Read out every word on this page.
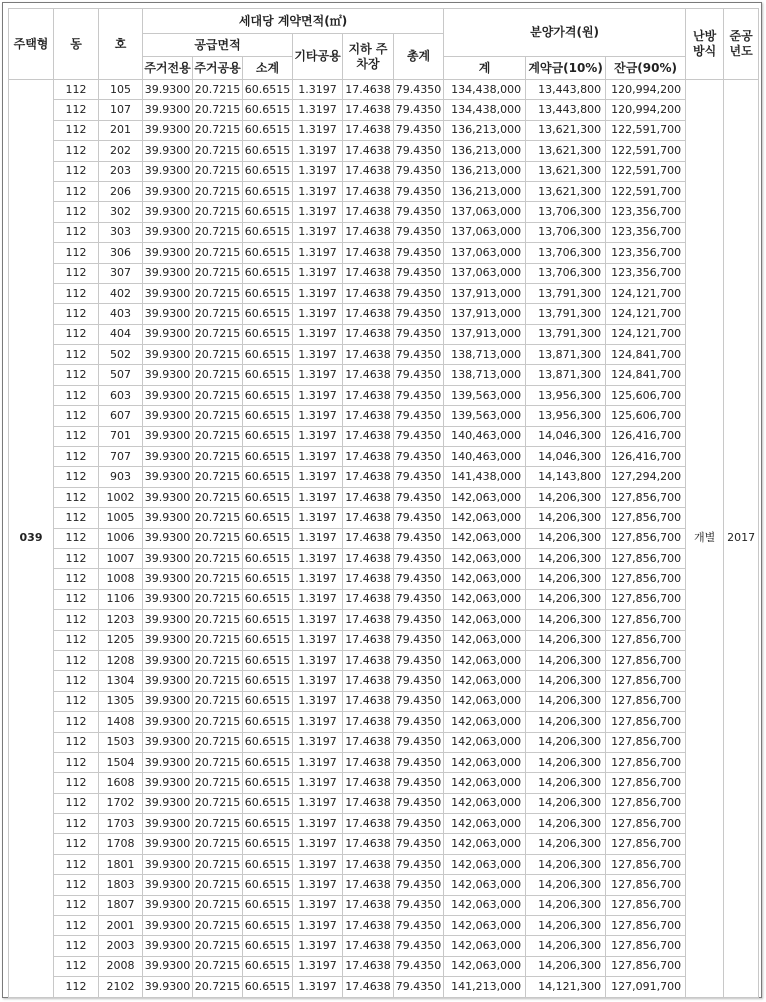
주택형	동	호	세대당 계약면적(㎡)						분양가격(원)			난방 방식	준공 년도
			공급면적			기타공용	지하 주차장	총계					
			주거전용	주거공용	소계				계	계약금(10%)	잔금(90%)		
039	112	105	39.9300	20.7215	60.6515	1.3197	17.4638	79.4350	134,438,000	13,443,800	120,994,200	개별	2017
	112	107	39.9300	20.7215	60.6515	1.3197	17.4638	79.4350	134,438,000	13,443,800	120,994,200		
	112	201	39.9300	20.7215	60.6515	1.3197	17.4638	79.4350	136,213,000	13,621,300	122,591,700		
	112	202	39.9300	20.7215	60.6515	1.3197	17.4638	79.4350	136,213,000	13,621,300	122,591,700		
	112	203	39.9300	20.7215	60.6515	1.3197	17.4638	79.4350	136,213,000	13,621,300	122,591,700		
	112	206	39.9300	20.7215	60.6515	1.3197	17.4638	79.4350	136,213,000	13,621,300	122,591,700		
	112	302	39.9300	20.7215	60.6515	1.3197	17.4638	79.4350	137,063,000	13,706,300	123,356,700		
	112	303	39.9300	20.7215	60.6515	1.3197	17.4638	79.4350	137,063,000	13,706,300	123,356,700		
	112	306	39.9300	20.7215	60.6515	1.3197	17.4638	79.4350	137,063,000	13,706,300	123,356,700		
	112	307	39.9300	20.7215	60.6515	1.3197	17.4638	79.4350	137,063,000	13,706,300	123,356,700		
	112	402	39.9300	20.7215	60.6515	1.3197	17.4638	79.4350	137,913,000	13,791,300	124,121,700		
	112	403	39.9300	20.7215	60.6515	1.3197	17.4638	79.4350	137,913,000	13,791,300	124,121,700		
	112	404	39.9300	20.7215	60.6515	1.3197	17.4638	79.4350	137,913,000	13,791,300	124,121,700		
	112	502	39.9300	20.7215	60.6515	1.3197	17.4638	79.4350	138,713,000	13,871,300	124,841,700		
	112	507	39.9300	20.7215	60.6515	1.3197	17.4638	79.4350	138,713,000	13,871,300	124,841,700		
	112	603	39.9300	20.7215	60.6515	1.3197	17.4638	79.4350	139,563,000	13,956,300	125,606,700		
	112	607	39.9300	20.7215	60.6515	1.3197	17.4638	79.4350	139,563,000	13,956,300	125,606,700		
	112	701	39.9300	20.7215	60.6515	1.3197	17.4638	79.4350	140,463,000	14,046,300	126,416,700		
	112	707	39.9300	20.7215	60.6515	1.3197	17.4638	79.4350	140,463,000	14,046,300	126,416,700		
	112	903	39.9300	20.7215	60.6515	1.3197	17.4638	79.4350	141,438,000	14,143,800	127,294,200		
	112	1002	39.9300	20.7215	60.6515	1.3197	17.4638	79.4350	142,063,000	14,206,300	127,856,700		
	112	1005	39.9300	20.7215	60.6515	1.3197	17.4638	79.4350	142,063,000	14,206,300	127,856,700		
	112	1006	39.9300	20.7215	60.6515	1.3197	17.4638	79.4350	142,063,000	14,206,300	127,856,700		
	112	1007	39.9300	20.7215	60.6515	1.3197	17.4638	79.4350	142,063,000	14,206,300	127,856,700		
	112	1008	39.9300	20.7215	60.6515	1.3197	17.4638	79.4350	142,063,000	14,206,300	127,856,700		
	112	1106	39.9300	20.7215	60.6515	1.3197	17.4638	79.4350	142,063,000	14,206,300	127,856,700		
	112	1203	39.9300	20.7215	60.6515	1.3197	17.4638	79.4350	142,063,000	14,206,300	127,856,700		
	112	1205	39.9300	20.7215	60.6515	1.3197	17.4638	79.4350	142,063,000	14,206,300	127,856,700		
	112	1208	39.9300	20.7215	60.6515	1.3197	17.4638	79.4350	142,063,000	14,206,300	127,856,700		
	112	1304	39.9300	20.7215	60.6515	1.3197	17.4638	79.4350	142,063,000	14,206,300	127,856,700		
	112	1305	39.9300	20.7215	60.6515	1.3197	17.4638	79.4350	142,063,000	14,206,300	127,856,700		
	112	1408	39.9300	20.7215	60.6515	1.3197	17.4638	79.4350	142,063,000	14,206,300	127,856,700		
	112	1503	39.9300	20.7215	60.6515	1.3197	17.4638	79.4350	142,063,000	14,206,300	127,856,700		
	112	1504	39.9300	20.7215	60.6515	1.3197	17.4638	79.4350	142,063,000	14,206,300	127,856,700		
	112	1608	39.9300	20.7215	60.6515	1.3197	17.4638	79.4350	142,063,000	14,206,300	127,856,700		
	112	1702	39.9300	20.7215	60.6515	1.3197	17.4638	79.4350	142,063,000	14,206,300	127,856,700		
	112	1703	39.9300	20.7215	60.6515	1.3197	17.4638	79.4350	142,063,000	14,206,300	127,856,700		
	112	1708	39.9300	20.7215	60.6515	1.3197	17.4638	79.4350	142,063,000	14,206,300	127,856,700		
	112	1801	39.9300	20.7215	60.6515	1.3197	17.4638	79.4350	142,063,000	14,206,300	127,856,700		
	112	1803	39.9300	20.7215	60.6515	1.3197	17.4638	79.4350	142,063,000	14,206,300	127,856,700		
	112	1807	39.9300	20.7215	60.6515	1.3197	17.4638	79.4350	142,063,000	14,206,300	127,856,700		
	112	2001	39.9300	20.7215	60.6515	1.3197	17.4638	79.4350	142,063,000	14,206,300	127,856,700		
	112	2003	39.9300	20.7215	60.6515	1.3197	17.4638	79.4350	142,063,000	14,206,300	127,856,700		
	112	2008	39.9300	20.7215	60.6515	1.3197	17.4638	79.4350	142,063,000	14,206,300	127,856,700		
	112	2102	39.9300	20.7215	60.6515	1.3197	17.4638	79.4350	141,213,000	14,121,300	127,091,700		
